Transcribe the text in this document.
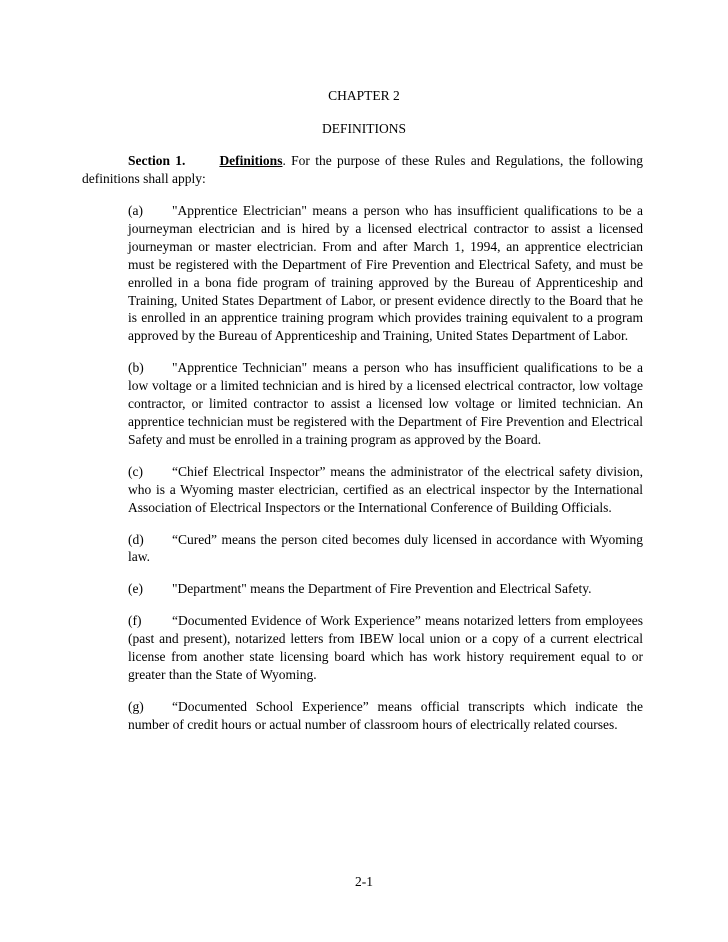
CHAPTER 2
DEFINITIONS
Section 1.	Definitions. For the purpose of these Rules and Regulations, the following definitions shall apply:

(a) "Apprentice Electrician" means a person who has insufficient qualifications to be a journeyman electrician and is hired by a licensed electrical contractor to assist a licensed journeyman or master electrician. From and after March 1, 1994, an apprentice electrician must be registered with the Department of Fire Prevention and Electrical Safety, and must be enrolled in a bona fide program of training approved by the Bureau of Apprenticeship and Training, United States Department of Labor, or present evidence directly to the Board that he is enrolled in an apprentice training program which provides training equivalent to a program approved by the Bureau of Apprenticeship and Training, United States Department of Labor.

(b) "Apprentice Technician" means a person who has insufficient qualifications to be a low voltage or a limited technician and is hired by a licensed electrical contractor, low voltage contractor, or limited contractor to assist a licensed low voltage or limited technician. An apprentice technician must be registered with the Department of Fire Prevention and Electrical Safety and must be enrolled in a training program as approved by the Board.

(c) “Chief Electrical Inspector” means the administrator of the electrical safety division, who is a Wyoming master electrician, certified as an electrical inspector by the International Association of Electrical Inspectors or the International Conference of Building Officials.

(d) “Cured” means the person cited becomes duly licensed in accordance with Wyoming law.

(e) "Department" means the Department of Fire Prevention and Electrical Safety.

(f) “Documented Evidence of Work Experience” means notarized letters from employees (past and present), notarized letters from IBEW local union or a copy of a current electrical license from another state licensing board which has work history requirement equal to or greater than the State of Wyoming.

(g) “Documented School Experience” means official transcripts which indicate the number of credit hours or actual number of classroom hours of electrically related courses.

2-1
